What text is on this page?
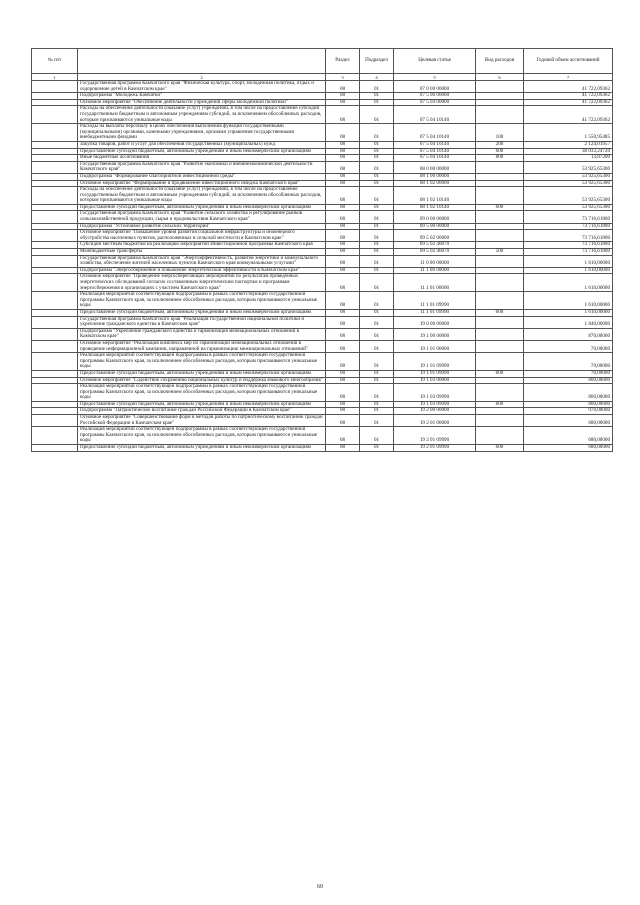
№ п/п		Раздел	Подраздел	Целевая статья	Вид расходов	Годовой объем ассигнований
1	2	3	4	5	6	7
	Государственная программа Камчатского края "Физическая культура, спорт, молодежная политика, отдых и оздоровление детей в Камчатском крае"	08	01	07 0 00 00000		41 722,09362
	Подпрограмма "Молодежь Камчатки"	08	01	07 5 00 00000		41 722,09362
	Основное мероприятие "Обеспечение деятельности учреждений сферы молодежной политики"	08	01	07 5 04 00000		41 722,09362
	Расходы на обеспечение деятельности (оказание услуг) учреждений, в том числе на предоставление субсидий государственным бюджетным и автономным учреждениям субсидий, за исключением обособленных расходов, которым присваиваются уникальные коды	08	01	07 5 04 10140		41 722,09362
	Расходы на выплаты персоналу в целях обеспечения выполнения функций государственными (муниципальными) органами, казенными учреждениями, органами управления государственными внебюджетными фондами	08	01	07 5 04 10140	100	1 550,95485
	Закупка товаров, работ и услуг для обеспечения государственных (муниципальных) нужд	08	01	07 5 04 10140	200	2 124,01957
	Предоставление субсидий бюджетным, автономным учреждениям и иным некоммерческим организациям	08	01	07 5 04 10140	600	38 033,24720
	Иные бюджетные ассигнования	08	01	07 5 04 10140	800	13,87200
	Государственная программа Камчатского края "Развитие экономики и внешнеэкономической деятельности Камчатского края"	08	01	08 0 00 00000		53 925,65300
	Подпрограмма "Формирование благоприятной инвестиционной среды"	08	01	08 1 00 00000		53 925,65300
	Основное мероприятие "Формирование и продвижение инвестиционного имиджа Камчатского края"	08	01	08 1 02 00000		53 925,65300
	Расходы на обеспечение деятельности (оказание услуг) учреждений, в том числе на предоставление государственным бюджетным и автономным учреждениям субсидий, за исключением обособленных расходов, которым присваиваются уникальные коды	08	01	08 1 02 10140		53 925,65300
	Предоставление субсидий бюджетным, автономным учреждениям и иным некоммерческим организациям	08	01	08 1 02 10140	600	53 925,65300
	Государственная программа Камчатского края "Развитие сельского хозяйства и регулирование рынков сельскохозяйственной продукции, сырья и продовольствия Камчатского края"	08	01	09 0 00 00000		73 716,61800
	Подпрограмма "Устойчивое развитие сельских территорий"	08	01	09 5 00 00000		73 716,61800
	Основное мероприятие "Повышение уровня развития социальной инфраструктуры и инженерного обустройства населенных пунктов, расположенных в сельской местности в Камчатском крае"	08	01	09 5 02 00000		73 716,61800
	Субсидии местным бюджетам на реализацию мероприятий Инвестиционной программы Камчатского края	08	01	09 5 02 40070		73 716,61800
	Межбюджетные трансферты	08	01	09 5 02 40070	500	73 716,61800
	Государственная программа Камчатского края "Энергоэффективность, развитие энергетики и коммунального хозяйства, обеспечение жителей населенных пунктов Камчатского края коммунальными услугами"	08	01	11 0 00 00000		1 610,00000
	Подпрограмма "Энергосбережение и повышение энергетической эффективности в Камчатском крае"	08	01	11 1 00 00000		1 610,00000
	Основное мероприятие "Проведение энергосберегающих мероприятий по результатам проведенных энергетических обследований согласно составленным энергетическим паспортам и программам энергосбережения в организациях с участием Камчатского края"	08	01	11 1 01 00000		1 610,00000
	Реализация мероприятий соответствующей подпрограммы в рамках соответствующей государственной программы Камчатского края, за исключением обособленных расходов, которым присваиваются уникальные коды	08	01	11 1 01 09990		1 610,00000
	Предоставление субсидий бюджетным, автономным учреждениям и иным некоммерческим организациям	08	01	11 1 01 09990	600	1 610,00000
	Государственная программа Камчатского края "Реализация государственной национальной политики и укрепление гражданского единства в Камчатском крае"	08	01	19 0 00 00000		1 840,00000
	Подпрограмма "Укрепление гражданского единства и гармонизация межнациональных отношений в Камчатском крае"	08	01	19 1 00 00000		870,00000
	Основное мероприятие "Реализация комплекса мер по гармонизации межнациональных отношений в проведение информационной кампании, направленной на гармонизацию межнациональных отношений"	08	01	19 1 01 00000		70,00000
	Реализация мероприятий соответствующей подпрограммы в рамках соответствующей государственной программы Камчатского края, за исключением обособленных расходов, которым присваиваются уникальные коды	08	01	19 1 01 09990		70,00000
	Предоставление субсидий бюджетным, автономным учреждениям и иным некоммерческим организациям	08	01	19 1 01 09990	600	70,00000
	Основное мероприятие "Содействие сохранению национальных культур и поддержка языкового многообразия"	08	01	19 1 03 00000		800,00000
	Реализация мероприятий соответствующей подпрограммы в рамках соответствующей государственной программы Камчатского края, за исключением обособленных расходов, которым присваиваются уникальные коды	08	01	19 1 03 09990		800,00000
	Предоставление субсидий бюджетным, автономным учреждениям и иным некоммерческим организациям	08	01	19 1 03 09990	600	800,00000
	Подпрограмма "Патриотическое воспитание граждан Российской Федерации в Камчатском крае"	08	01	19 2 00 00000		970,00000
	Основное мероприятие "Совершенствование форм и методов работы по патриотическому воспитанию граждан Российской Федерации в Камчатском крае"	08	01	19 2 01 00000		680,00000
	Реализация мероприятий соответствующей подпрограммы в рамках соответствующей государственной программы Камчатского края, за исключением обособленных расходов, которым присваиваются уникальные коды	08	01	19 2 01 09990		680,00000
	Предоставление субсидий бюджетным, автономным учреждениям и иным некоммерческим организациям	08	01	19 2 01 09990	600	680,00000
60
